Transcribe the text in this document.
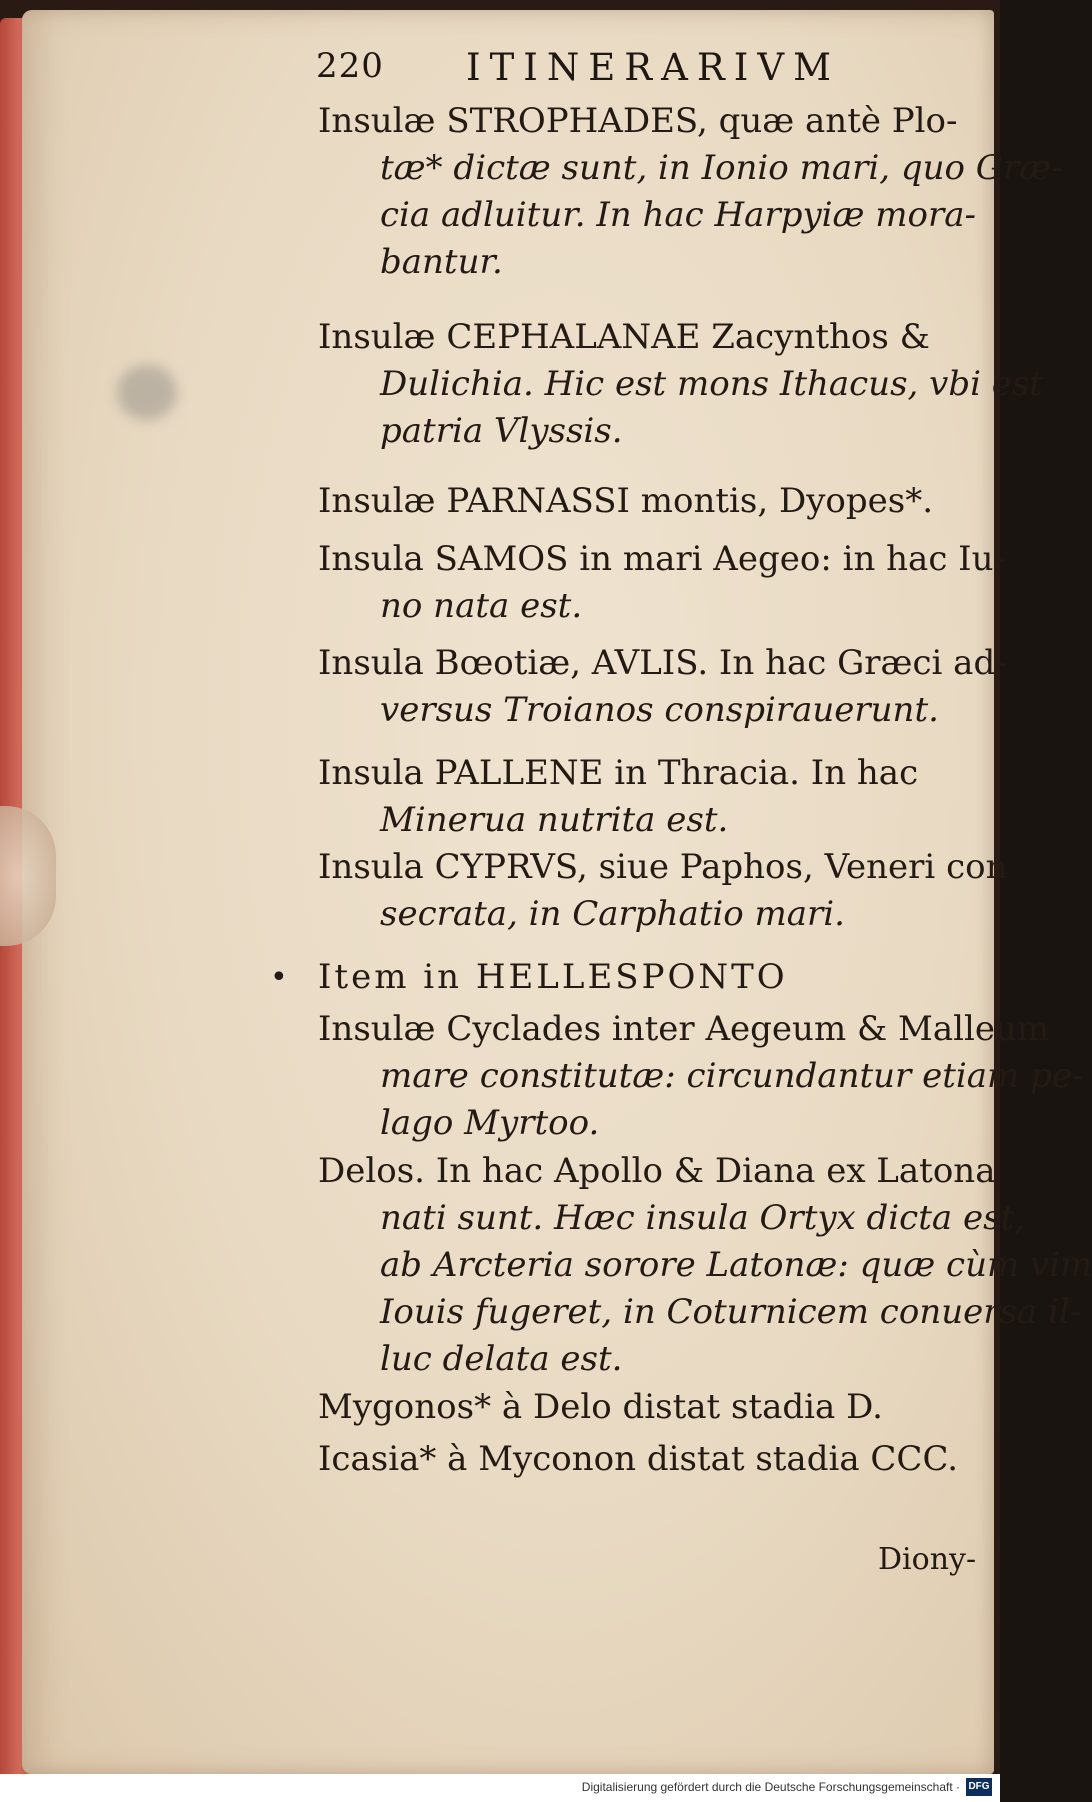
220 ITINERARIVM
Insulæ STROPHADES, quæ antè Plo-
tæ* dictæ sunt, in Ionio mari, quo Græ-
cia adluitur. In hac Harpyiæ mora-
bantur.
Insulæ CEPHALANAE Zacynthos &
Dulichia. Hic est mons Ithacus, vbi est
patria Vlyssis.
Insulæ PARNASSI montis, Dyopes*.
Insula SAMOS in mari Aegeo: in hac Iu-
no nata est.
Insula Bœotiæ, AVLIS. In hac Græci ad-
versus Troianos conspirauerunt.
Insula PALLENE in Thracia. In hac
Minerua nutrita est.
Insula CYPRVS, siue Paphos, Veneri con
secrata, in Carphatio mari.
Item in HELLESPONTO
Insulæ Cyclades inter Aegeum & Malleum
mare constitutæ: circundantur etiam pe-
lago Myrtoo.
Delos. In hac Apollo & Diana ex Latona
nati sunt. Hæc insula Ortyx dicta est,
ab Arcteria sorore Latonæ: quæ cùm vim
Iouis fugeret, in Coturnicem conuersa il-
luc delata est.
Mygonos* à Delo distat stadia D.
Icasia* à Myconon distat stadia CCC.
Diony-
•
Digitalisierung gefördert durch die Deutsche Forschungsgemeinschaft · DFG
